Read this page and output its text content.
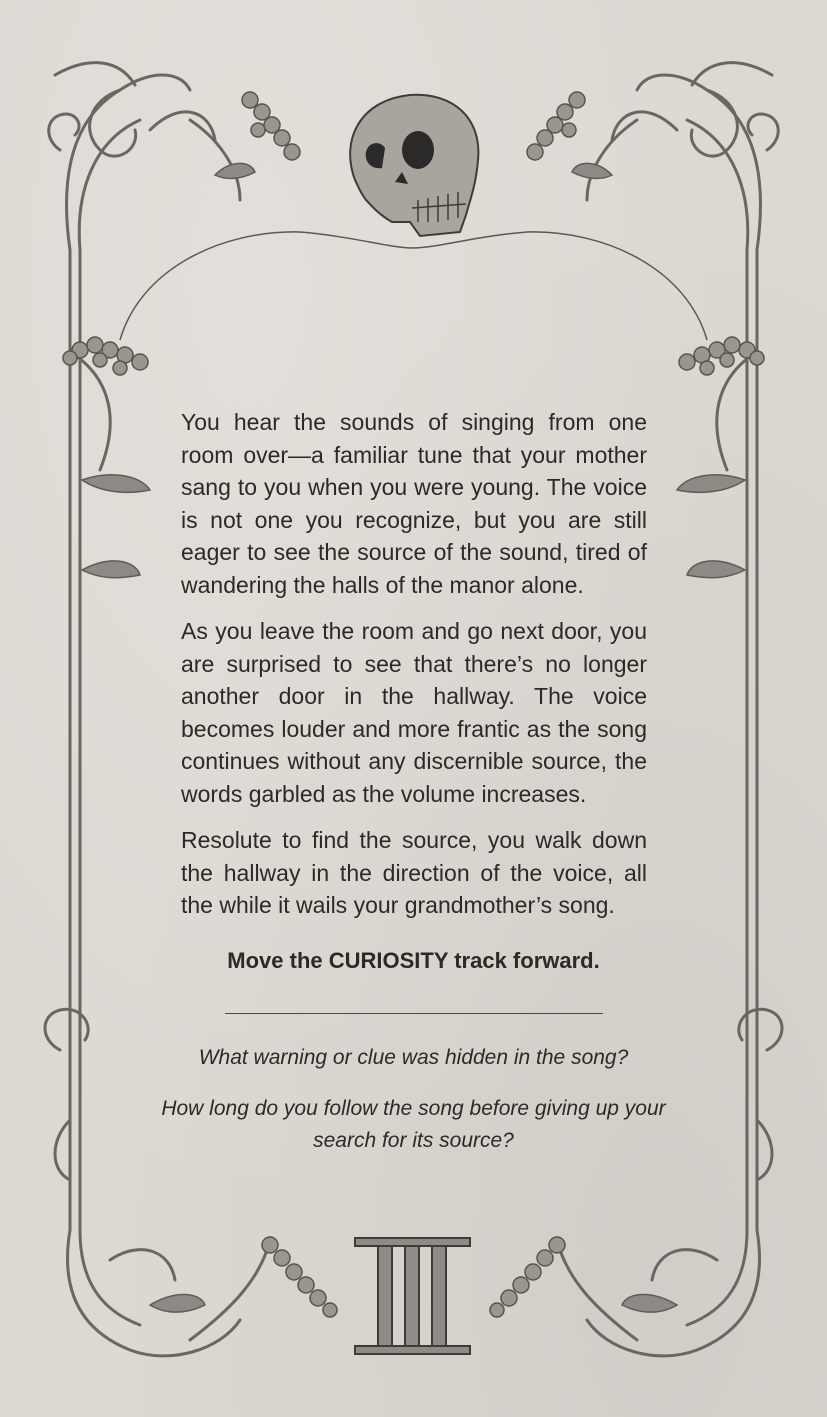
You hear the sounds of singing from one room over—a familiar tune that your mother sang to you when you were young. The voice is not one you recognize, but you are still eager to see the source of the sound, tired of wandering the halls of the manor alone.

As you leave the room and go next door, you are surprised to see that there’s no longer another door in the hallway. The voice becomes louder and more frantic as the song continues without any discernible source, the words garbled as the volume increases.

Resolute to find the source, you walk down the hallway in the direction of the voice, all the while it wails your grandmother’s song.

Move the CURIOSITY track forward.
What warning or clue was hidden in the song?
How long do you follow the song before giving up your search for its source?
